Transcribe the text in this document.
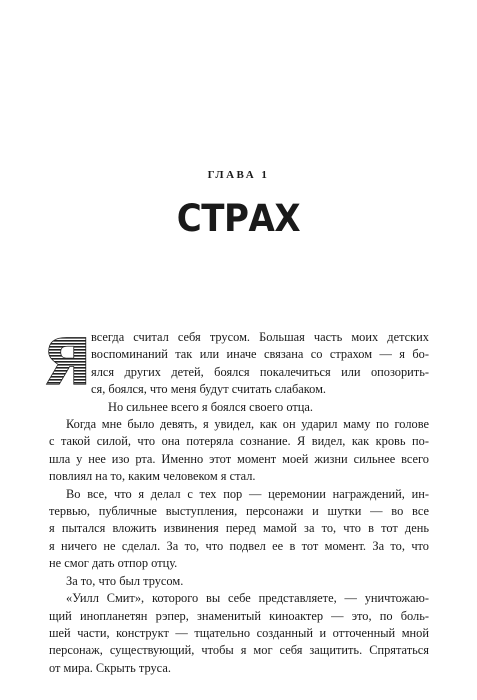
ГЛАВА 1
СТРАХ
Я всегда считал себя трусом. Большая часть моих детских
воспоминаний так или иначе связана со страхом — я бо-
ялся других детей, боялся покалечиться или опозорить-
ся, боялся, что меня будут считать слабаком.
Но сильнее всего я боялся своего отца.
Когда мне было девять, я увидел, как он ударил маму по голове
с такой силой, что она потеряла сознание. Я видел, как кровь по-
шла у нее изо рта. Именно этот момент моей жизни сильнее всего
повлиял на то, каким человеком я стал.
Во все, что я делал с тех пор — церемонии награждений, ин-
тервью, публичные выступления, персонажи и шутки — во все
я пытался вложить извинения перед мамой за то, что в тот день
я ничего не сделал. За то, что подвел ее в тот момент. За то, что
не смог дать отпор отцу.
За то, что был трусом.
«Уилл Смит», которого вы себе представляете, — уничтожаю-
щий инопланетян рэпер, знаменитый киноактер — это, по боль-
шей части, конструкт — тщательно созданный и отточенный мной
персонаж, существующий, чтобы я мог себя защитить. Спрятаться
от мира. Скрыть труса.
